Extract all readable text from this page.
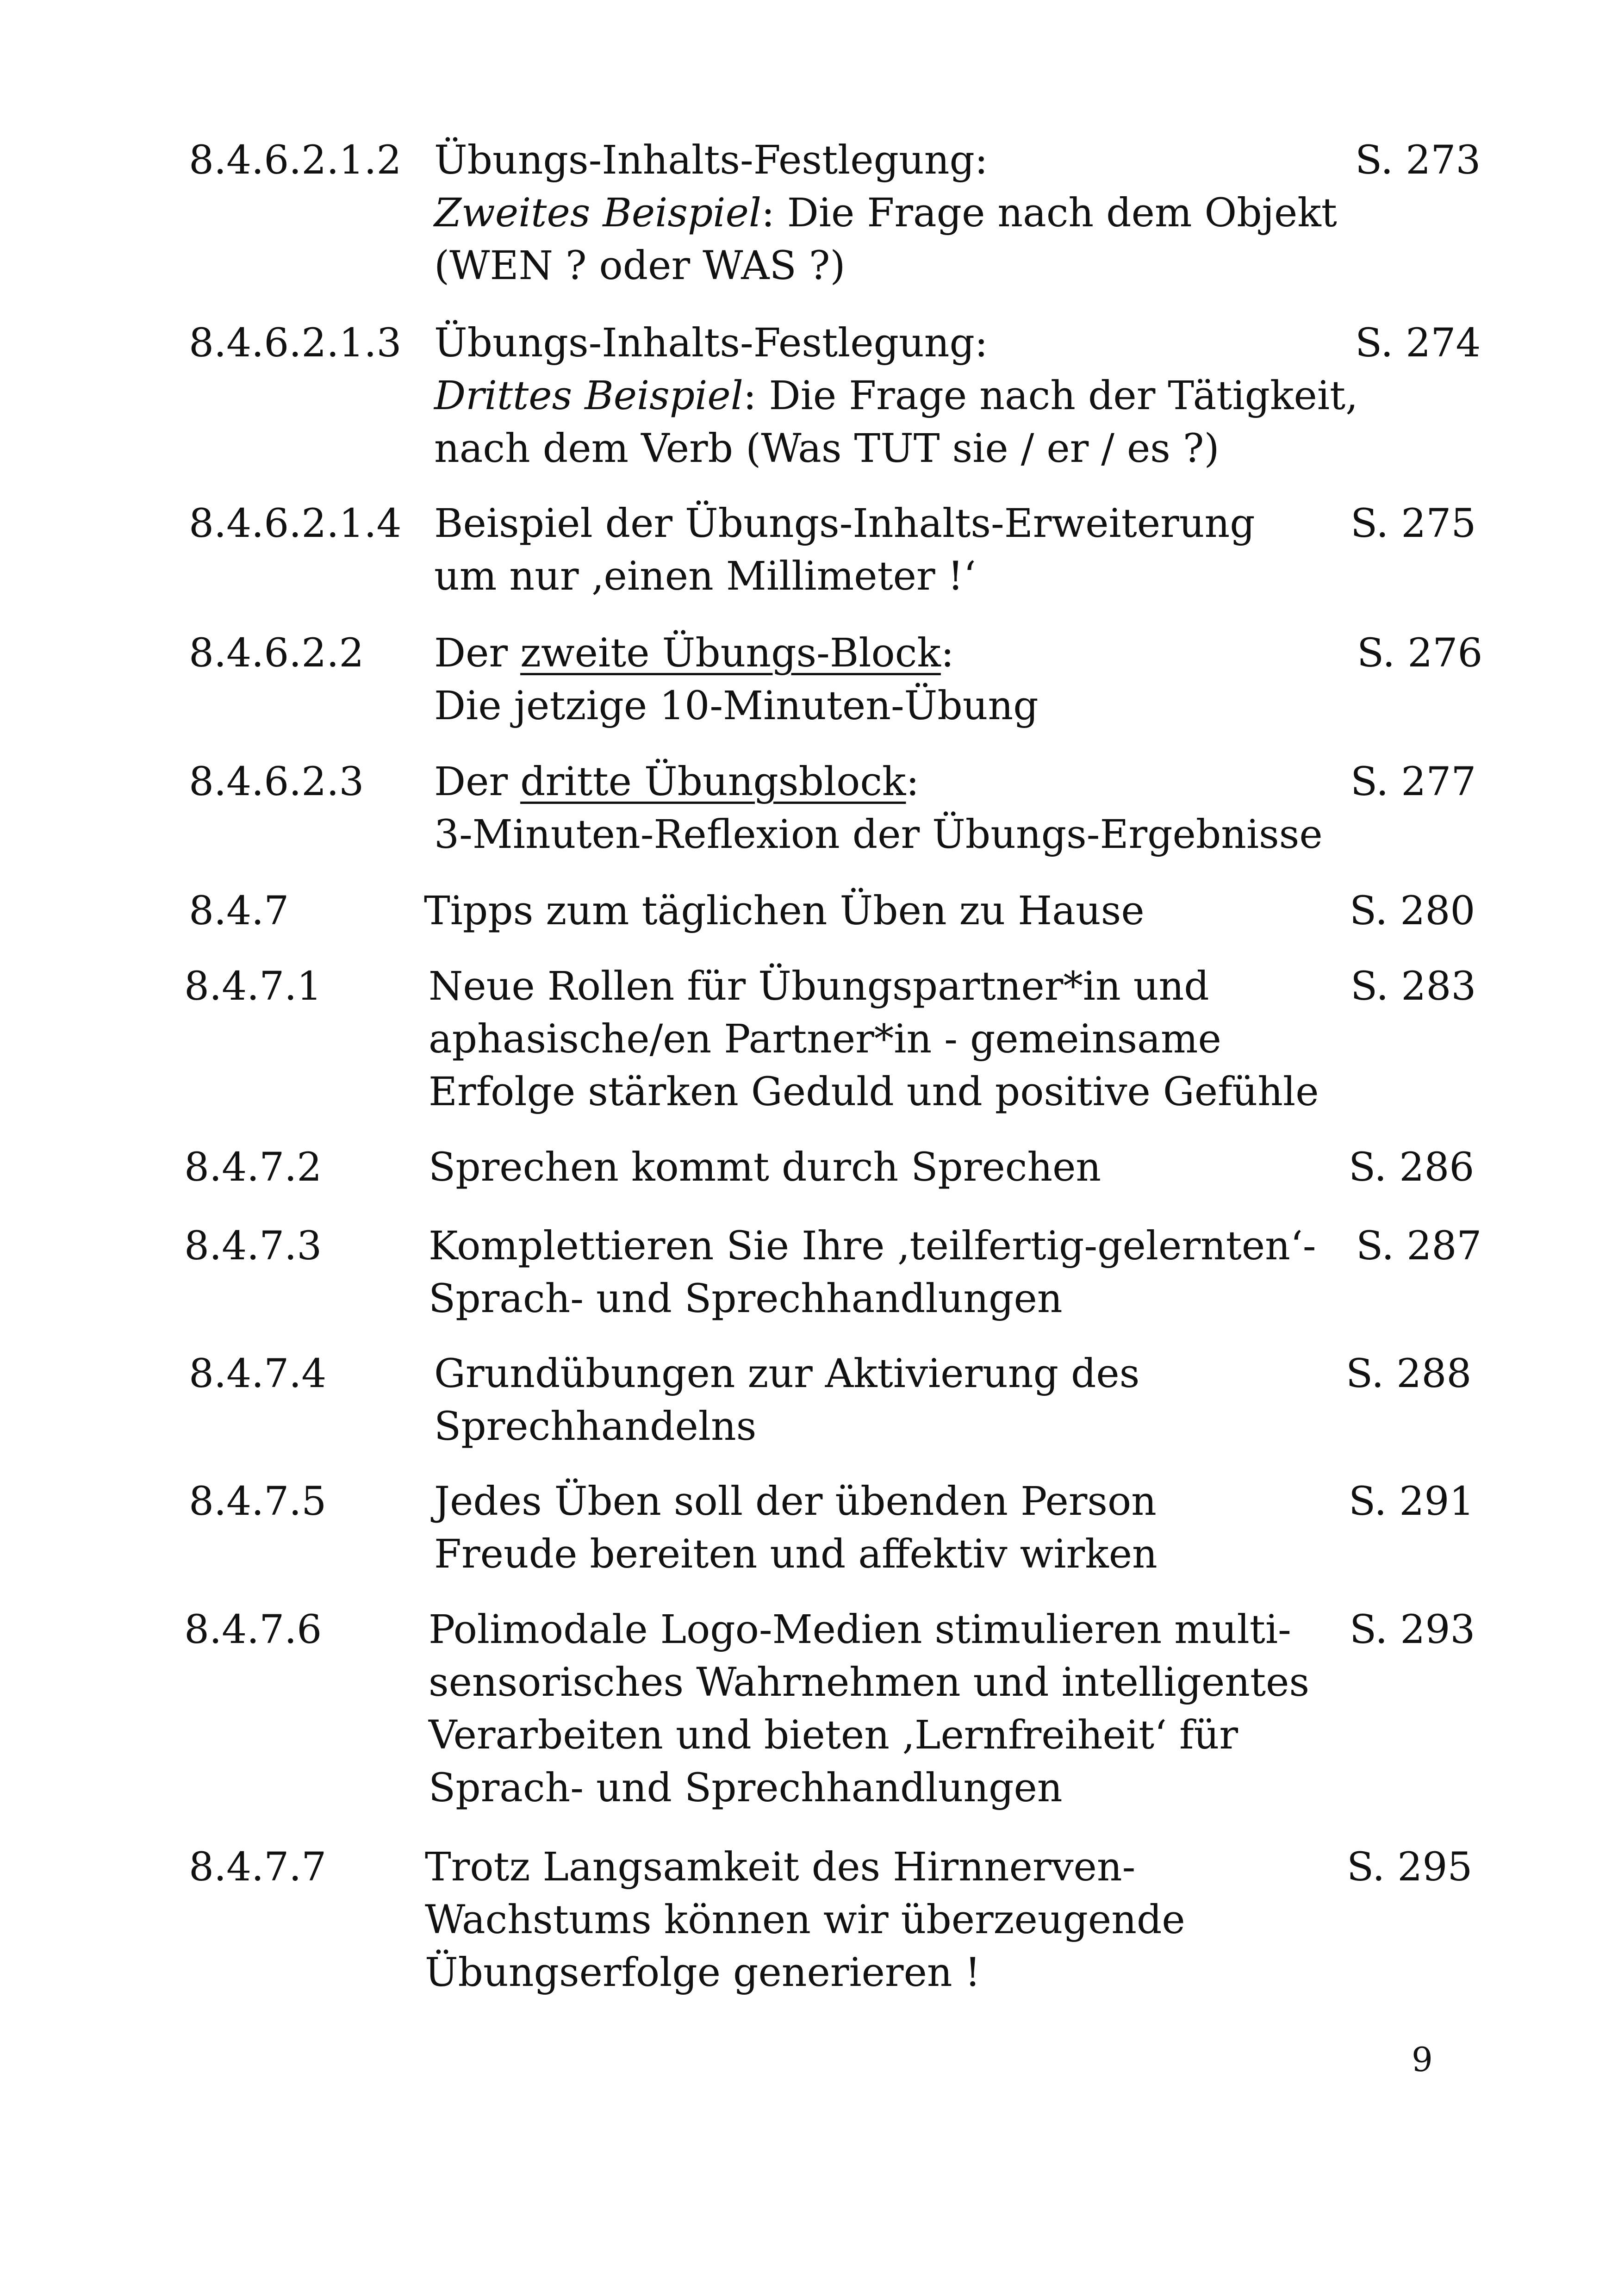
8.4.6.2.1.2 Übungs-Inhalts-Festlegung:
Zweites Beispiel: Die Frage nach dem Objekt
(WEN ? oder WAS ?)
S. 273
8.4.6.2.1.3 Übungs-Inhalts-Festlegung:
Drittes Beispiel: Die Frage nach der Tätigkeit,
nach dem Verb (Was TUT sie / er / es ?)
S. 274
8.4.6.2.1.4 Beispiel der Übungs-Inhalts-Erweiterung
um nur ‚einen Millimeter !‘
S. 275
8.4.6.2.2 Der zweite Übungs-Block:
Die jetzige 10-Minuten-Übung
S. 276
8.4.6.2.3 Der dritte Übungsblock:
3-Minuten-Reflexion der Übungs-Ergebnisse
S. 277
8.4.7	Tipps zum täglichen Üben zu Hause	S. 280
8.4.7.1	Neue Rollen für Übungspartner*in und
aphasische/en Partner*in - gemeinsame
Erfolge stärken Geduld und positive Gefühle
S. 283
8.4.7.2	Sprechen kommt durch Sprechen	S. 286
8.4.7.3	Komplettieren Sie Ihre ‚teilfertig-gelernten‘-
Sprach- und Sprechhandlungen
S. 287
8.4.7.4	Grundübungen zur Aktivierung des
Sprechhandelns
S. 288
8.4.7.5	Jedes Üben soll der übenden Person
Freude bereiten und affektiv wirken
S. 291
8.4.7.6	Polimodale Logo-Medien stimulieren multi-
sensorisches Wahrnehmen und intelligentes
Verarbeiten und bieten ‚Lernfreiheit‘ für
Sprach- und Sprechhandlungen
S. 293
8.4.7.7	Trotz Langsamkeit des Hirnnerven-
Wachstums können wir überzeugende
Übungserfolge generieren !
S. 295
9
